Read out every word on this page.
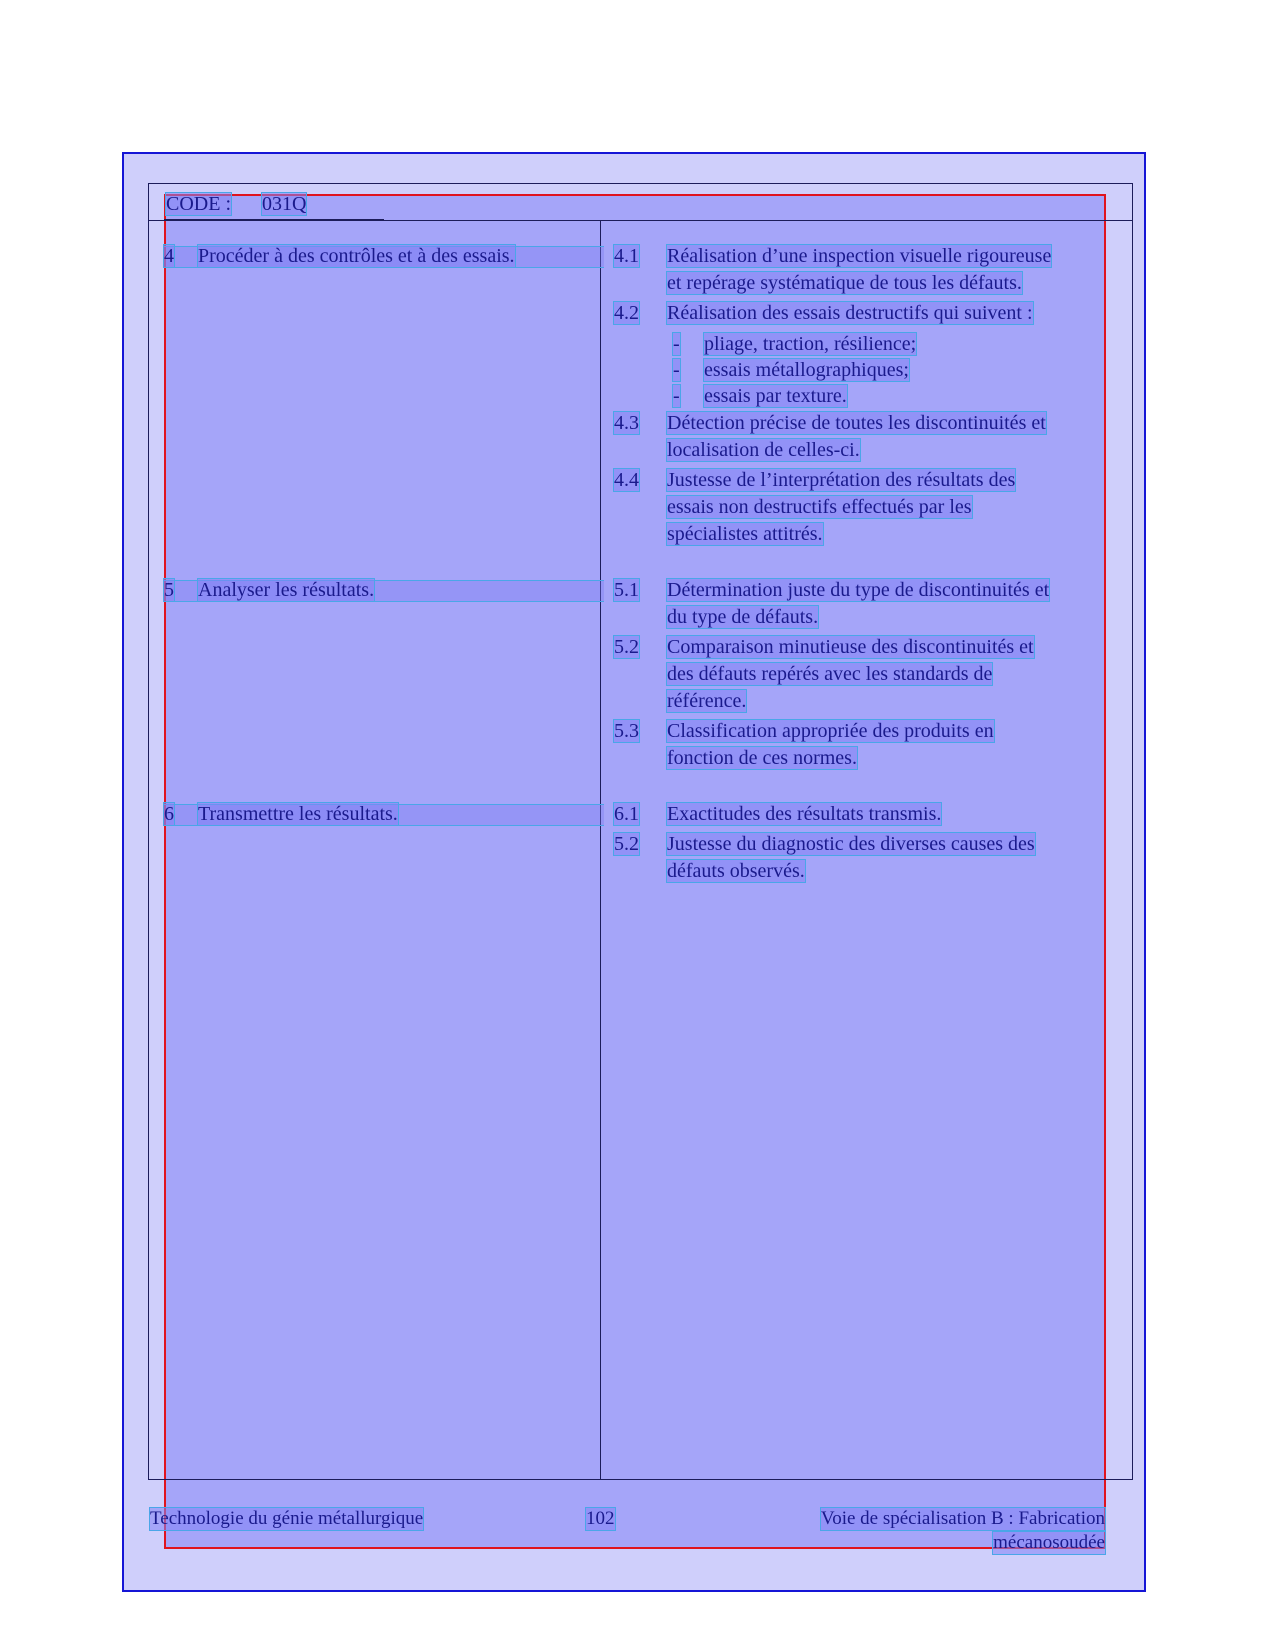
CODE : 031Q
4 Procéder à des contrôles et à des essais.	4.1 Réalisation d’une inspection visuelle rigoureuse
et repérage systématique de tous les défauts.
4.2 Réalisation des essais destructifs qui suivent :
- pliage, traction, résilience;
- essais métallographiques;
- essais par texture.
4.3 Détection précise de toutes les discontinuités et
localisation de celles-ci.
4.4 Justesse de l’interprétation des résultats des
essais non destructifs effectués par les
spécialistes attitrés.
5 Analyser les résultats.	5.1 Détermination juste du type de discontinuités et
du type de défauts.
5.2 Comparaison minutieuse des discontinuités et
des défauts repérés avec les standards de
référence.
5.3 Classification appropriée des produits en
fonction de ces normes.
6 Transmettre les résultats.	6.1 Exactitudes des résultats transmis.
5.2 Justesse du diagnostic des diverses causes des
défauts observés.
Technologie du génie métallurgique	102	Voie de spécialisation B : Fabrication
mécanosoudée
